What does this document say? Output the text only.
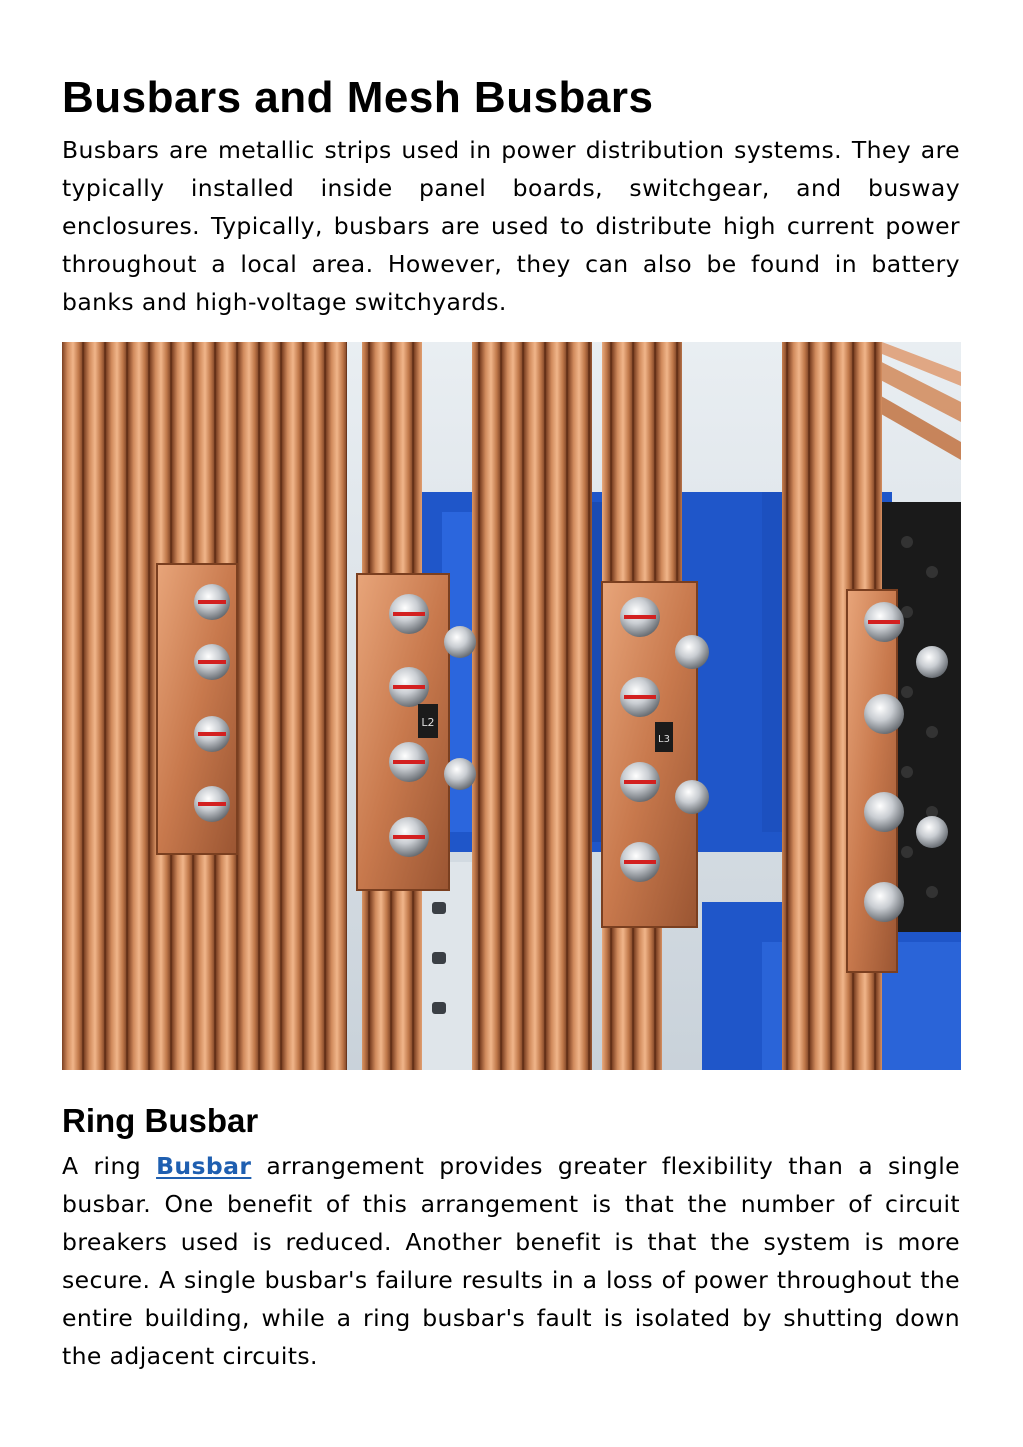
Busbars and Mesh Busbars

Busbars are metallic strips used in power distribution systems. They are typically installed inside panel boards, switchgear, and busway enclosures. Typically, busbars are used to distribute high current power throughout a local area. However, they can also be found in battery banks and high-voltage switchyards.

L2
L3
Ring Busbar

A ring Busbar arrangement provides greater flexibility than a single busbar. One benefit of this arrangement is that the number of circuit breakers used is reduced. Another benefit is that the system is more secure. A single busbar's failure results in a loss of power throughout the entire building, while a ring busbar's fault is isolated by shutting down the adjacent circuits.
